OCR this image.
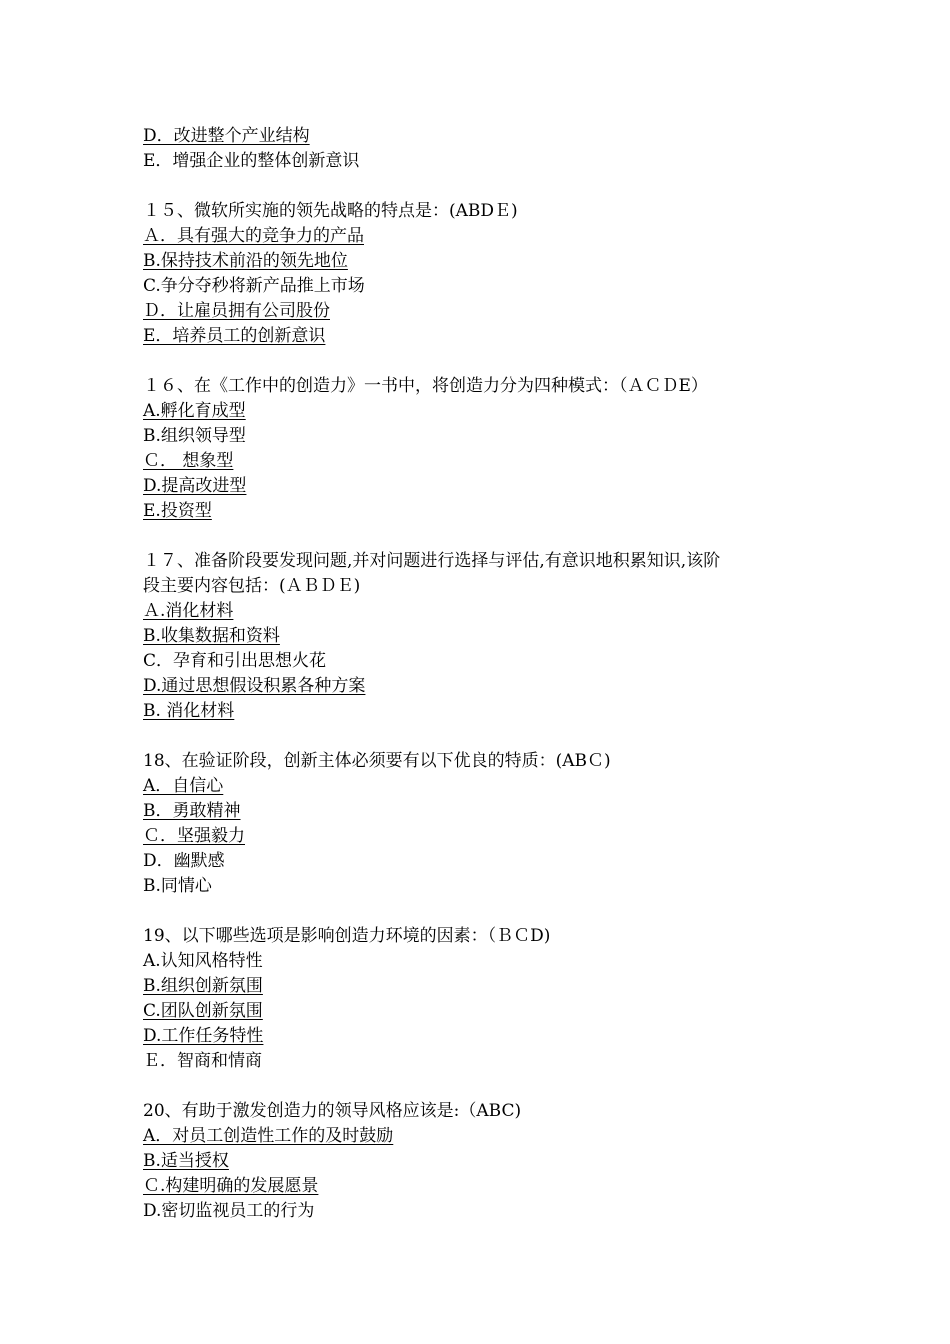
D．改进整个产业结构
E．增强企业的整体创新意识
１５、微软所实施的领先战略的特点是：(ABDＥ)
Ａ．具有强大的竞争力的产品
B.保持技术前沿的领先地位
C.争分夺秒将新产品推上市场
Ｄ．让雇员拥有公司股份
E．培养员工的创新意识
１６、在《工作中的创造力》一书中，将创造力分为四种模式：（ＡＣＤE）
A.孵化育成型
B.组织领导型
Ｃ． 想象型
D.提高改进型
E.投资型
１７、准备阶段要发现问题,并对问题进行选择与评估,有意识地积累知识,该阶
段主要内容包括：(ＡＢＤＥ)
Ａ.消化材料
B.收集数据和资料
C．孕育和引出思想火花
D.通过思想假设积累各种方案
B. 消化材料
18、在验证阶段，创新主体必须要有以下优良的特质：(ABＣ)
A．自信心
B．勇敢精神
Ｃ．坚强毅力
D．幽默感
B.同情心
19、以下哪些选项是影响创造力环境的因素：（ＢＣD)
A.认知风格特性
B.组织创新氛围
C.团队创新氛围
D.工作任务特性
Ｅ．智商和情商
20、有助于激发创造力的领导风格应该是:（ABC)
A．对员工创造性工作的及时鼓励
B.适当授权
Ｃ.构建明确的发展愿景
D.密切监视员工的行为
